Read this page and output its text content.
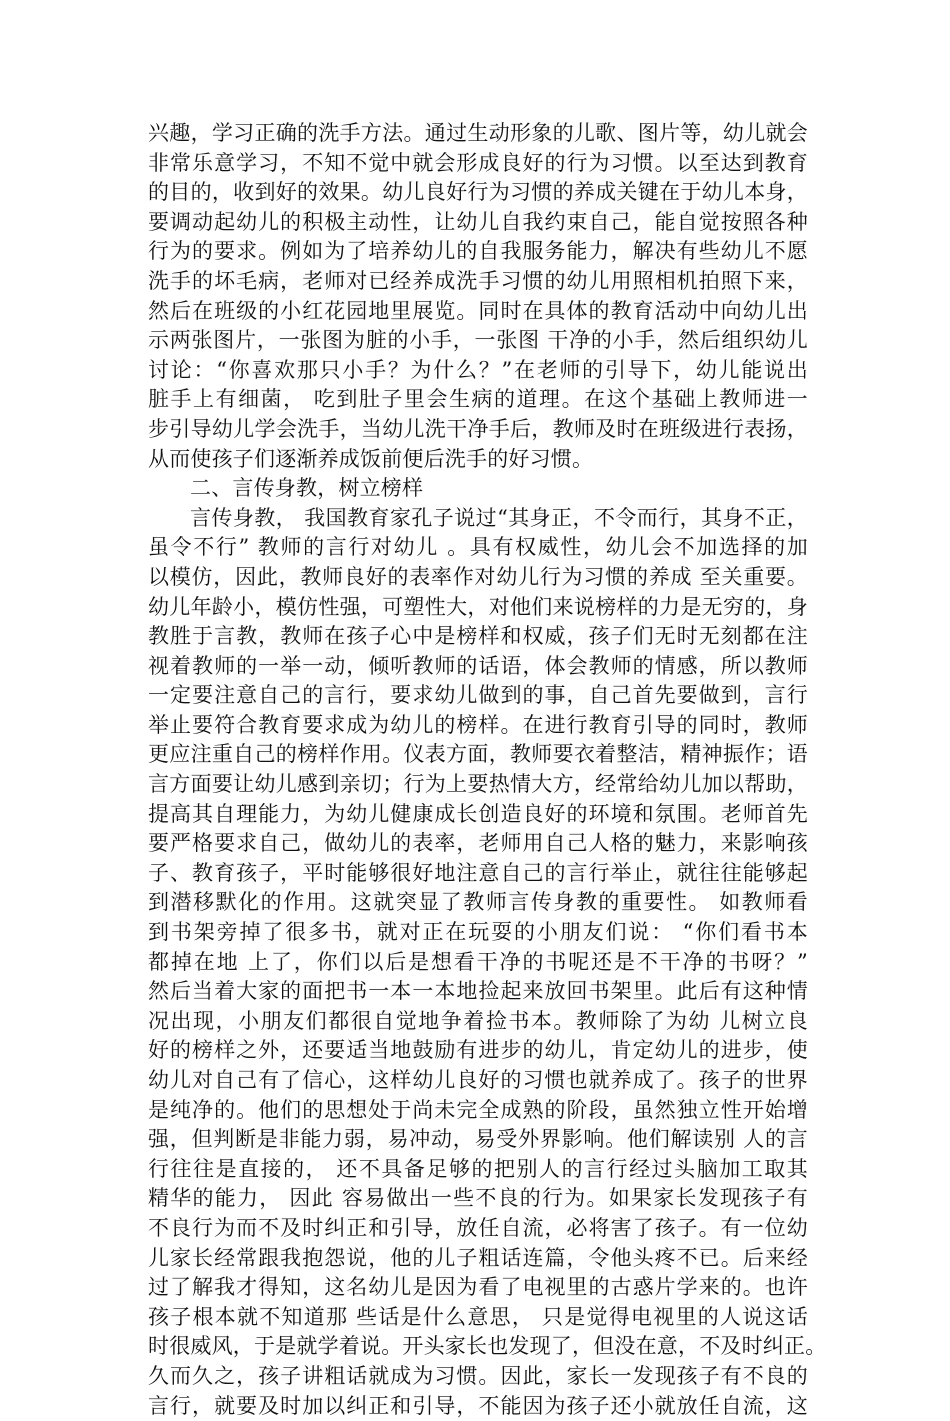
兴趣，学习正确的洗手方法。通过生动形象的儿歌、图片等，幼儿就会
非常乐意学习，不知不觉中就会形成良好的行为习惯。以至达到教育
的目的，收到好的效果。幼儿良好行为习惯的养成关键在于幼儿本身，
要调动起幼儿的积极主动性，让幼儿自我约束自己，能自觉按照各种
行为的要求。例如为了培养幼儿的自我服务能力，解决有些幼儿不愿
洗手的坏毛病，老师对已经养成洗手习惯的幼儿用照相机拍照下来，
然后在班级的小红花园地里展览。同时在具体的教育活动中向幼儿出
示两张图片，一张图为脏的小手，一张图 干净的小手，然后组织幼儿
讨论：“你喜欢那只小手？为什么？”在老师的引导下，幼儿能说出
脏手上有细菌， 吃到肚子里会生病的道理。在这个基础上教师进一
步引导幼儿学会洗手，当幼儿洗干净手后，教师及时在班级进行表扬，
从而使孩子们逐渐养成饭前便后洗手的好习惯。
二、言传身教，树立榜样
言传身教， 我国教育家孔子说过“其身正，不令而行，其身不正，
虽令不行” 教师的言行对幼儿 。具有权威性，幼儿会不加选择的加
以模仿，因此，教师良好的表率作对幼儿行为习惯的养成 至关重要。
幼儿年龄小，模仿性强，可塑性大，对他们来说榜样的力是无穷的，身
教胜于言教，教师在孩子心中是榜样和权威，孩子们无时无刻都在注
视着教师的一举一动，倾听教师的话语，体会教师的情感，所以教师
一定要注意自己的言行，要求幼儿做到的事，自己首先要做到，言行
举止要符合教育要求成为幼儿的榜样。在进行教育引导的同时，教师
更应注重自己的榜样作用。仪表方面，教师要衣着整洁，精神振作；语
言方面要让幼儿感到亲切；行为上要热情大方，经常给幼儿加以帮助，
提高其自理能力，为幼儿健康成长创造良好的环境和氛围。老师首先
要严格要求自己，做幼儿的表率，老师用自己人格的魅力，来影响孩
子、教育孩子，平时能够很好地注意自己的言行举止，就往往能够起
到潜移默化的作用。这就突显了教师言传身教的重要性。 如教师看
到书架旁掉了很多书，就对正在玩耍的小朋友们说： “你们看书本
都掉在地 上了，你们以后是想看干净的书呢还是不干净的书呀？”
然后当着大家的面把书一本一本地捡起来放回书架里。此后有这种情
况出现，小朋友们都很自觉地争着捡书本。教师除了为幼 儿树立良
好的榜样之外，还要适当地鼓励有进步的幼儿，肯定幼儿的进步，使
幼儿对自己有了信心，这样幼儿良好的习惯也就养成了。孩子的世界
是纯净的。他们的思想处于尚未完全成熟的阶段，虽然独立性开始增
强，但判断是非能力弱，易冲动，易受外界影响。他们解读别 人的言
行往往是直接的， 还不具备足够的把别人的言行经过头脑加工取其
精华的能力， 因此 容易做出一些不良的行为。如果家长发现孩子有
不良行为而不及时纠正和引导，放任自流，必将害了孩子。有一位幼
儿家长经常跟我抱怨说，他的儿子粗话连篇，令他头疼不已。后来经
过了解我才得知，这名幼儿是因为看了电视里的古惑片学来的。也许
孩子根本就不知道那 些话是什么意思， 只是觉得电视里的人说这话
时很威风，于是就学着说。开头家长也发现了，但没在意，不及时纠正。
久而久之，孩子讲粗话就成为习惯。因此，家长一发现孩子有不良的
言行，就要及时加以纠正和引导，不能因为孩子还小就放任自流，这
